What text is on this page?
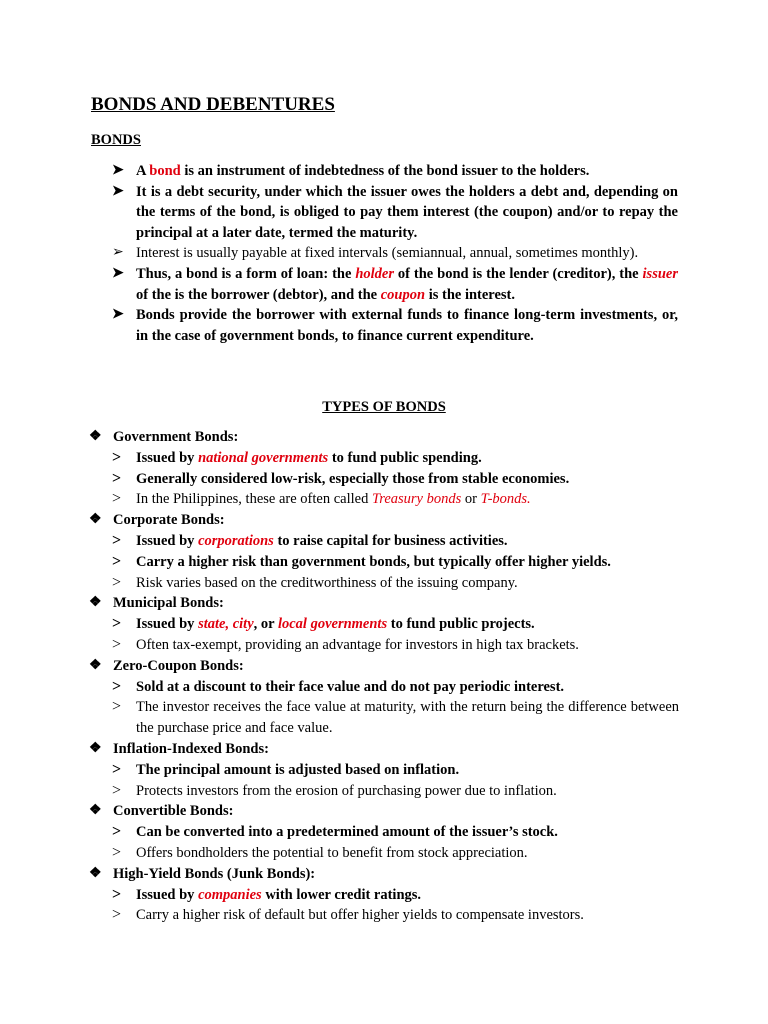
BONDS AND DEBENTURES
BONDS
➤ A bond is an instrument of indebtedness of the bond issuer to the holders.
➤ It is a debt security, under which the issuer owes the holders a debt and, depending on the terms of the bond, is obliged to pay them interest (the coupon) and/or to repay the principal at a later date, termed the maturity.
➢ Interest is usually payable at fixed intervals (semiannual, annual, sometimes monthly).
➤ Thus, a bond is a form of loan: the holder of the bond is the lender (creditor), the issuer of the is the borrower (debtor), and the coupon is the interest.
➤ Bonds provide the borrower with external funds to finance long-term investments, or, in the case of government bonds, to finance current expenditure.
TYPES OF BONDS
❖ Government Bonds:
> Issued by national governments to fund public spending.
> Generally considered low-risk, especially those from stable economies.
> In the Philippines, these are often called Treasury bonds or T-bonds.
❖ Corporate Bonds:
> Issued by corporations to raise capital for business activities.
> Carry a higher risk than government bonds, but typically offer higher yields.
> Risk varies based on the creditworthiness of the issuing company.
❖ Municipal Bonds:
> Issued by state, city, or local governments to fund public projects.
> Often tax-exempt, providing an advantage for investors in high tax brackets.
❖ Zero-Coupon Bonds:
> Sold at a discount to their face value and do not pay periodic interest.
> The investor receives the face value at maturity, with the return being the difference between the purchase price and face value.
❖ Inflation-Indexed Bonds:
> The principal amount is adjusted based on inflation.
> Protects investors from the erosion of purchasing power due to inflation.
❖ Convertible Bonds:
> Can be converted into a predetermined amount of the issuer’s stock.
> Offers bondholders the potential to benefit from stock appreciation.
❖ High-Yield Bonds (Junk Bonds):
> Issued by companies with lower credit ratings.
> Carry a higher risk of default but offer higher yields to compensate investors.
